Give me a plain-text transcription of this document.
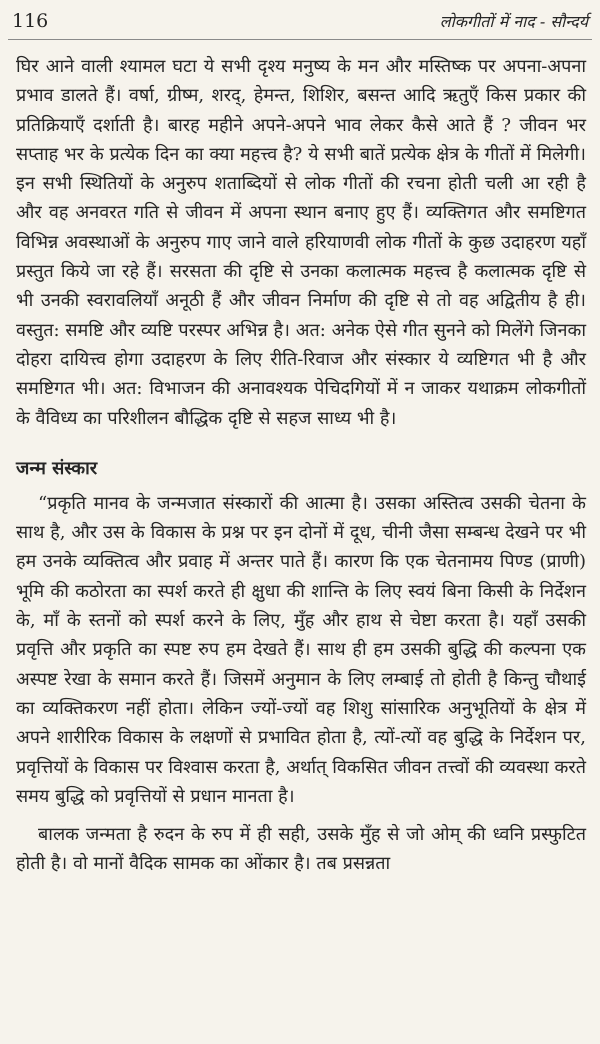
116	लोकगीतों में नाद - सौन्दर्य

घिर आने वाली श्यामल घटा ये सभी दृश्य मनुष्य के मन और मस्तिष्क पर अपना-अपना प्रभाव डालते हैं। वर्षा, ग्रीष्म, शरद्, हेमन्त, शिशिर, बसन्त आदि ऋतुएँ किस प्रकार की प्रतिक्रियाएँ दर्शाती है। बारह महीने अपने-अपने भाव लेकर कैसे आते हैं ? जीवन भर सप्ताह भर के प्रत्येक दिन का क्या महत्त्व है? ये सभी बातें प्रत्येक क्षेत्र के गीतों में मिलेगी। इन सभी स्थितियों के अनुरुप शताब्दियों से लोक गीतों की रचना होती चली आ रही है और वह अनवरत गति से जीवन में अपना स्थान बनाए हुए हैं। व्यक्तिगत और समष्टिगत विभिन्न अवस्थाओं के अनुरुप गाए जाने वाले हरियाणवी लोक गीतों के कुछ उदाहरण यहाँ प्रस्तुत किये जा रहे हैं। सरसता की दृष्टि से उनका कलात्मक महत्त्व है कलात्मक दृष्टि से भी उनकी स्वरावलियाँ अनूठी हैं और जीवन निर्माण की दृष्टि से तो वह अद्वितीय है ही। वस्तुत: समष्टि और व्यष्टि परस्पर अभिन्न है। अत: अनेक ऐसे गीत सुनने को मिलेंगे जिनका दोहरा दायित्त्व होगा उदाहरण के लिए रीति-रिवाज और संस्कार ये व्यष्टिगत भी है और समष्टिगत भी। अत: विभाजन की अनावश्यक पेचिदगियों में न जाकर यथाक्रम लोकगीतों के वैविध्य का परिशीलन बौद्धिक दृष्टि से सहज साध्य भी है।

जन्म संस्कार

“प्रकृति मानव के जन्मजात संस्कारों की आत्मा है। उसका अस्तित्व उसकी चेतना के साथ है, और उस के विकास के प्रश्न पर इन दोनों में दूध, चीनी जैसा सम्बन्ध देखने पर भी हम उनके व्यक्तित्व और प्रवाह में अन्तर पाते हैं। कारण कि एक चेतनामय पिण्ड (प्राणी) भूमि की कठोरता का स्पर्श करते ही क्षुधा की शान्ति के लिए स्वयं बिना किसी के निर्देशन के, माँ के स्तनों को स्पर्श करने के लिए, मुँह और हाथ से चेष्टा करता है। यहाँ उसकी प्रवृत्ति और प्रकृति का स्पष्ट रुप हम देखते हैं। साथ ही हम उसकी बुद्धि की कल्पना एक अस्पष्ट रेखा के समान करते हैं। जिसमें अनुमान के लिए लम्बाई तो होती है किन्तु चौथाई का व्यक्तिकरण नहीं होता। लेकिन ज्यों-ज्यों वह शिशु सांसारिक अनुभूतियों के क्षेत्र में अपने शारीरिक विकास के लक्षणों से प्रभावित होता है, त्यों-त्यों वह बुद्धि के निर्देशन पर, प्रवृत्तियों के विकास पर विश्वास करता है, अर्थात् विकसित जीवन तत्त्वों की व्यवस्था करते समय बुद्धि को प्रवृत्तियों से प्रधान मानता है।

बालक जन्मता है रुदन के रुप में ही सही, उसके मुँह से जो ओम् की ध्वनि प्रस्फुटित होती है। वो मानों वैदिक सामक का ओंकार है। तब प्रसन्नता
